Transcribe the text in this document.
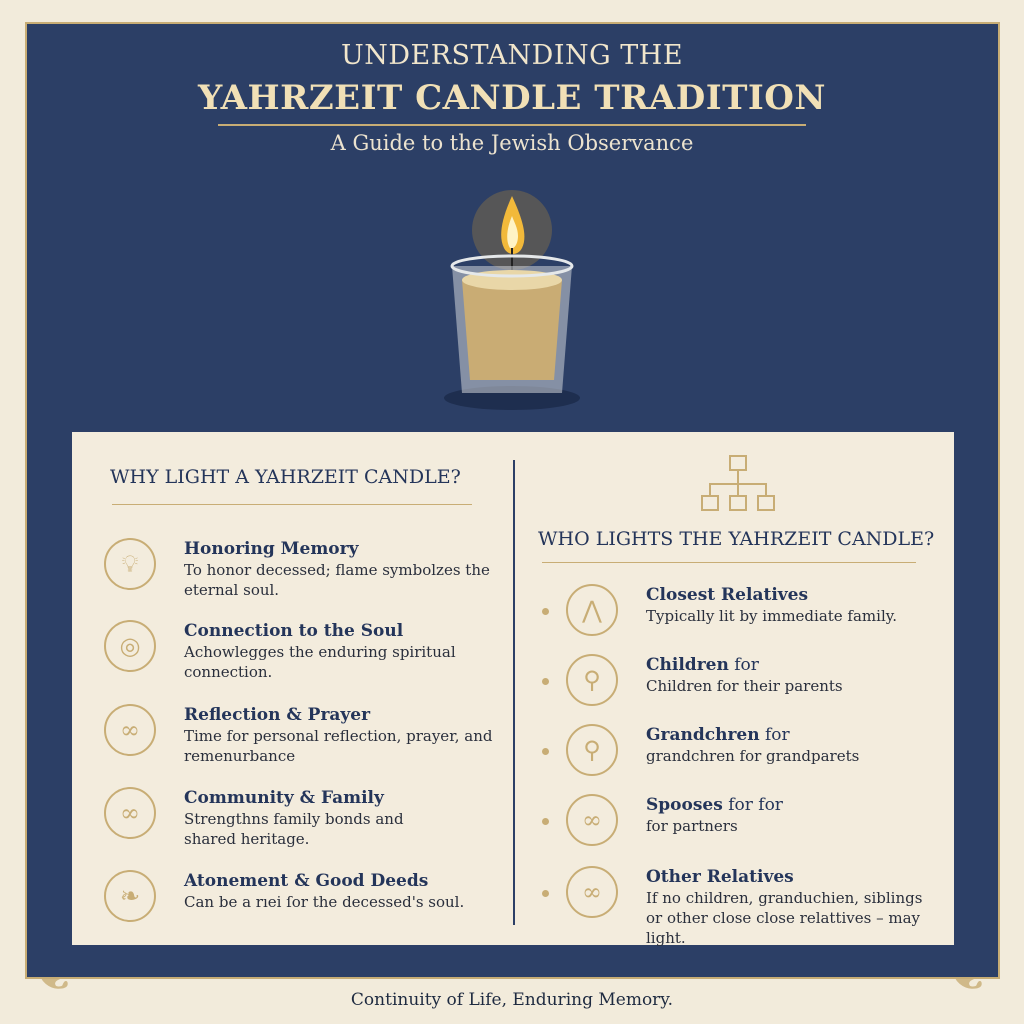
UNDERSTANDING THE
YAHRZEIT CANDLE TRADITION
A Guide to the Jewish Observance
WHY LIGHT A YAHRZEIT CANDLE?
💡︎
Honoring Memory
To honor decessed; flame symbolzes the
eternal soul.
◎
Connection to the Soul
Achowlegges the enduring spiritual
connection.
∞
Reflection & Prayer
Time for personal reflection, prayer, and
remenurbance
∞
Community & Family
Strengthns family bonds and
shared heritage.
❧
Atonement & Good Deeds
Can be a rıei ſor the decessed's soul.
WHO LIGHTS THE YAHRZEIT CANDLE?
⋀
Closest Relatives
Typically lit by immediate family.
⚲
Children for
Children for their parents
⚲
Grandchren for
grandchren for grandparets
∞
Spooses for for
for partners
∞
Other Relatives
If no children, granduchien, siblings
or other close close relattives – may light.
Continuity of Life, Enduring Memory.
